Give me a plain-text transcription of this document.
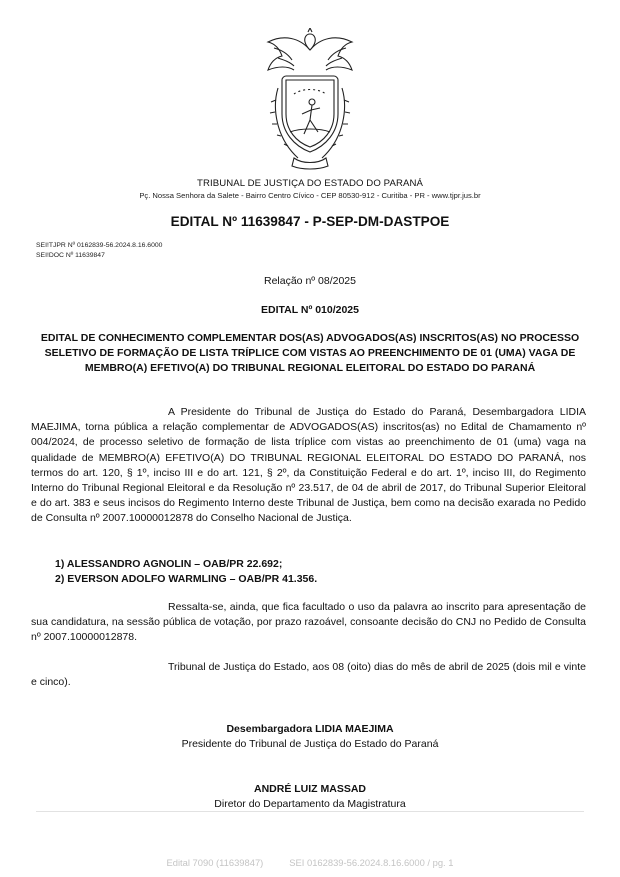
TRIBUNAL DE JUSTIÇA DO ESTADO DO PARANÁ
Pç. Nossa Senhora da Salete - Bairro Centro Cívico - CEP 80530-912 - Curitiba - PR - www.tjpr.jus.br
EDITAL Nº 11639847 - P-SEP-DM-DASTPOE
SEI!TJPR Nº 0162839-56.2024.8.16.6000
SEI!DOC Nº 11639847
Relação nº 08/2025
EDITAL Nº 010/2025
EDITAL DE CONHECIMENTO COMPLEMENTAR DOS(AS) ADVOGADOS(AS) INSCRITOS(AS) NO PROCESSO SELETIVO DE FORMAÇÃO DE LISTA TRÍPLICE COM VISTAS AO PREENCHIMENTO DE 01 (UMA) VAGA DE MEMBRO(A) EFETIVO(A) DO TRIBUNAL REGIONAL ELEITORAL DO ESTADO DO PARANÁ
A Presidente do Tribunal de Justiça do Estado do Paraná, Desembargadora LIDIA MAEJIMA, torna pública a relação complementar de ADVOGADOS(AS) inscritos(as) no Edital de Chamamento nº 004/2024, de processo seletivo de formação de lista tríplice com vistas ao preenchimento de 01 (uma) vaga na qualidade de MEMBRO(A) EFETIVO(A) DO TRIBUNAL REGIONAL ELEITORAL DO ESTADO DO PARANÁ, nos termos do art. 120, § 1º, inciso III e do art. 121, § 2º, da Constituição Federal e do art. 1º, inciso III, do Regimento Interno do Tribunal Regional Eleitoral e da Resolução nº 23.517, de 04 de abril de 2017, do Tribunal Superior Eleitoral e do art. 383 e seus incisos do Regimento Interno deste Tribunal de Justiça, bem como na decisão exarada no Pedido de Consulta nº 2007.10000012878 do Conselho Nacional de Justiça.
1) ALESSANDRO AGNOLIN – OAB/PR 22.692;
2) EVERSON ADOLFO WARMLING – OAB/PR 41.356.
Ressalta-se, ainda, que fica facultado o uso da palavra ao inscrito para apresentação de sua candidatura, na sessão pública de votação, por prazo razoável, consoante decisão do CNJ no Pedido de Consulta nº 2007.10000012878.
Tribunal de Justiça do Estado, aos 08 (oito) dias do mês de abril de 2025 (dois mil e vinte e cinco).
Desembargadora LIDIA MAEJIMA
Presidente do Tribunal de Justiça do Estado do Paraná
ANDRÉ LUIZ MASSAD
Diretor do Departamento da Magistratura
Edital 7090 (11639847)	SEI 0162839-56.2024.8.16.6000 / pg. 1
